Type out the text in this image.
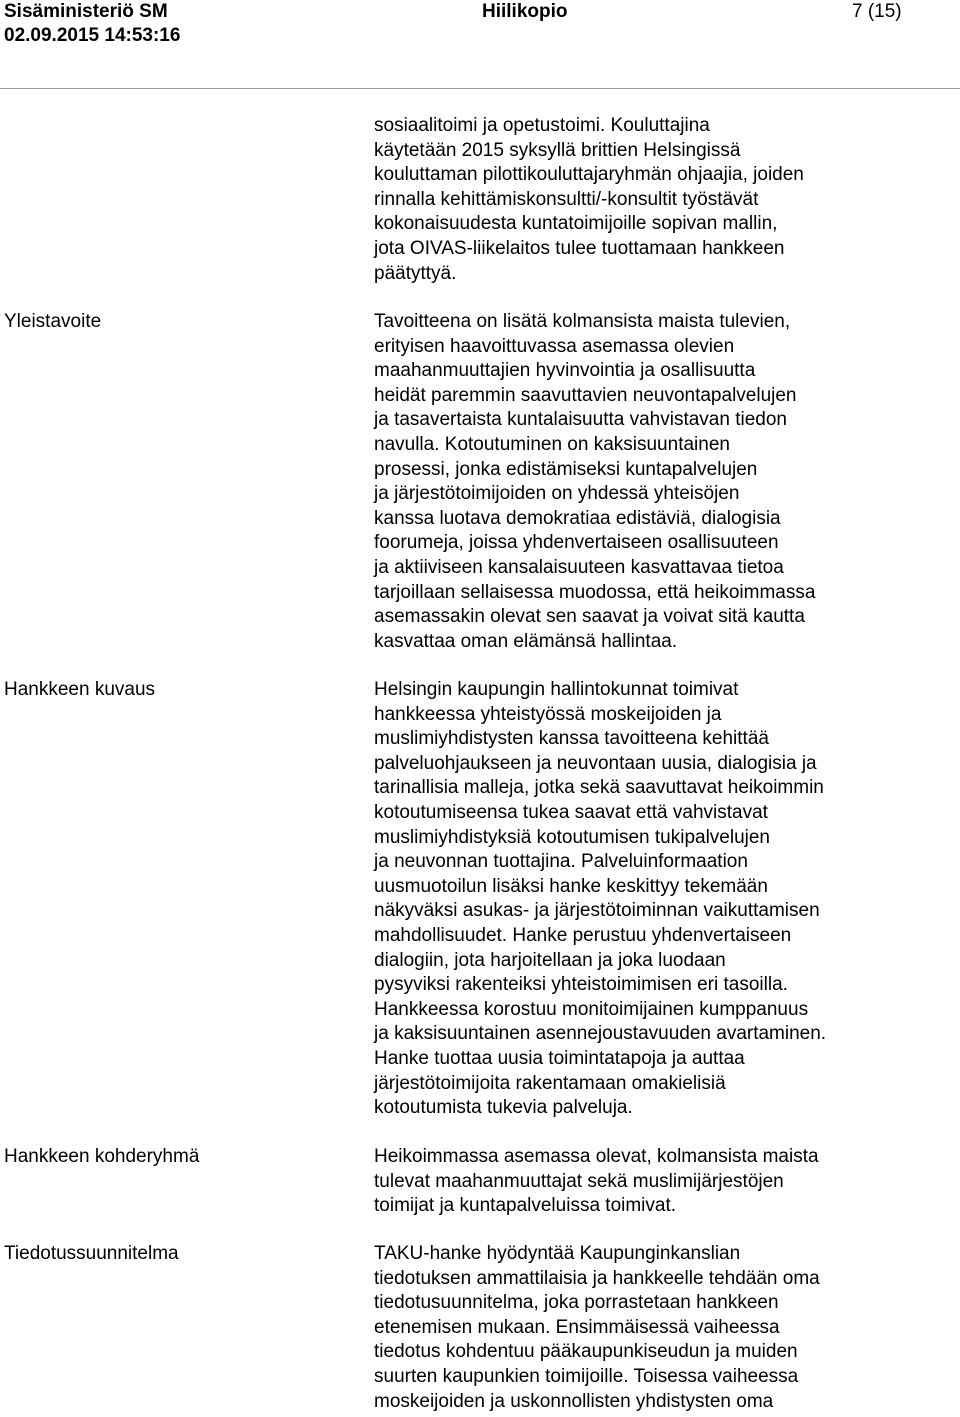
Sisäministeriö SM
02.09.2015 14:53:16
Hiilikopio	7 (15)
Yleistavoite
Hankkeen kuvaus
Hankkeen kohderyhmä
Tiedotussuunnitelma
sosiaalitoimi ja opetustoimi. Kouluttajina
käytetään 2015 syksyllä brittien Helsingissä
kouluttaman pilottikouluttajaryhmän ohjaajia, joiden
rinnalla kehittämiskonsultti/-konsultit työstävät
kokonaisuudesta kuntatoimijoille sopivan mallin,
jota OIVAS-liikelaitos tulee tuottamaan hankkeen
päätyttyä.
Tavoitteena on lisätä kolmansista maista tulevien,
erityisen haavoittuvassa asemassa olevien
maahanmuuttajien hyvinvointia ja osallisuutta
heidät paremmin saavuttavien neuvontapalvelujen
ja tasavertaista kuntalaisuutta vahvistavan tiedon
navulla. Kotoutuminen on kaksisuuntainen
prosessi, jonka edistämiseksi kuntapalvelujen
ja järjestötoimijoiden on yhdessä yhteisöjen
kanssa luotava demokratiaa edistäviä, dialogisia
foorumeja, joissa yhdenvertaiseen osallisuuteen
ja aktiiviseen kansalaisuuteen kasvattavaa tietoa
tarjoillaan sellaisessa muodossa, että heikoimmassa
asemassakin olevat sen saavat ja voivat sitä kautta
kasvattaa oman elämänsä hallintaa.
Helsingin kaupungin hallintokunnat toimivat
hankkeessa yhteistyössä moskeijoiden ja
muslimiyhdistysten kanssa tavoitteena kehittää
palveluohjaukseen ja neuvontaan uusia, dialogisia ja
tarinallisia malleja, jotka sekä saavuttavat heikoimmin
kotoutumiseensa tukea saavat että vahvistavat
muslimiyhdistyksiä kotoutumisen tukipalvelujen
ja neuvonnan tuottajina. Palveluinformaation
uusmuotoilun lisäksi hanke keskittyy tekemään
näkyväksi asukas- ja järjestötoiminnan vaikuttamisen
mahdollisuudet. Hanke perustuu yhdenvertaiseen
dialogiin, jota harjoitellaan ja joka luodaan
pysyviksi rakenteiksi yhteistoimimisen eri tasoilla.
Hankkeessa korostuu monitoimijainen kumppanuus
ja kaksisuuntainen asennejoustavuuden avartaminen.
Hanke tuottaa uusia toimintatapoja ja auttaa
järjestötoimijoita rakentamaan omakielisiä
kotoutumista tukevia palveluja.
Heikoimmassa asemassa olevat, kolmansista maista
tulevat maahanmuuttajat sekä muslimijärjestöjen
toimijat ja kuntapalveluissa toimivat.
TAKU-hanke hyödyntää Kaupunginkanslian
tiedotuksen ammattilaisia ja hankkeelle tehdään oma
tiedotusuunnitelma, joka porrastetaan hankkeen
etenemisen mukaan. Ensimmäisessä vaiheessa
tiedotus kohdentuu pääkaupunkiseudun ja muiden
suurten kaupunkien toimijoille. Toisessa vaiheessa
moskeijoiden ja uskonnollisten yhdistysten oma
